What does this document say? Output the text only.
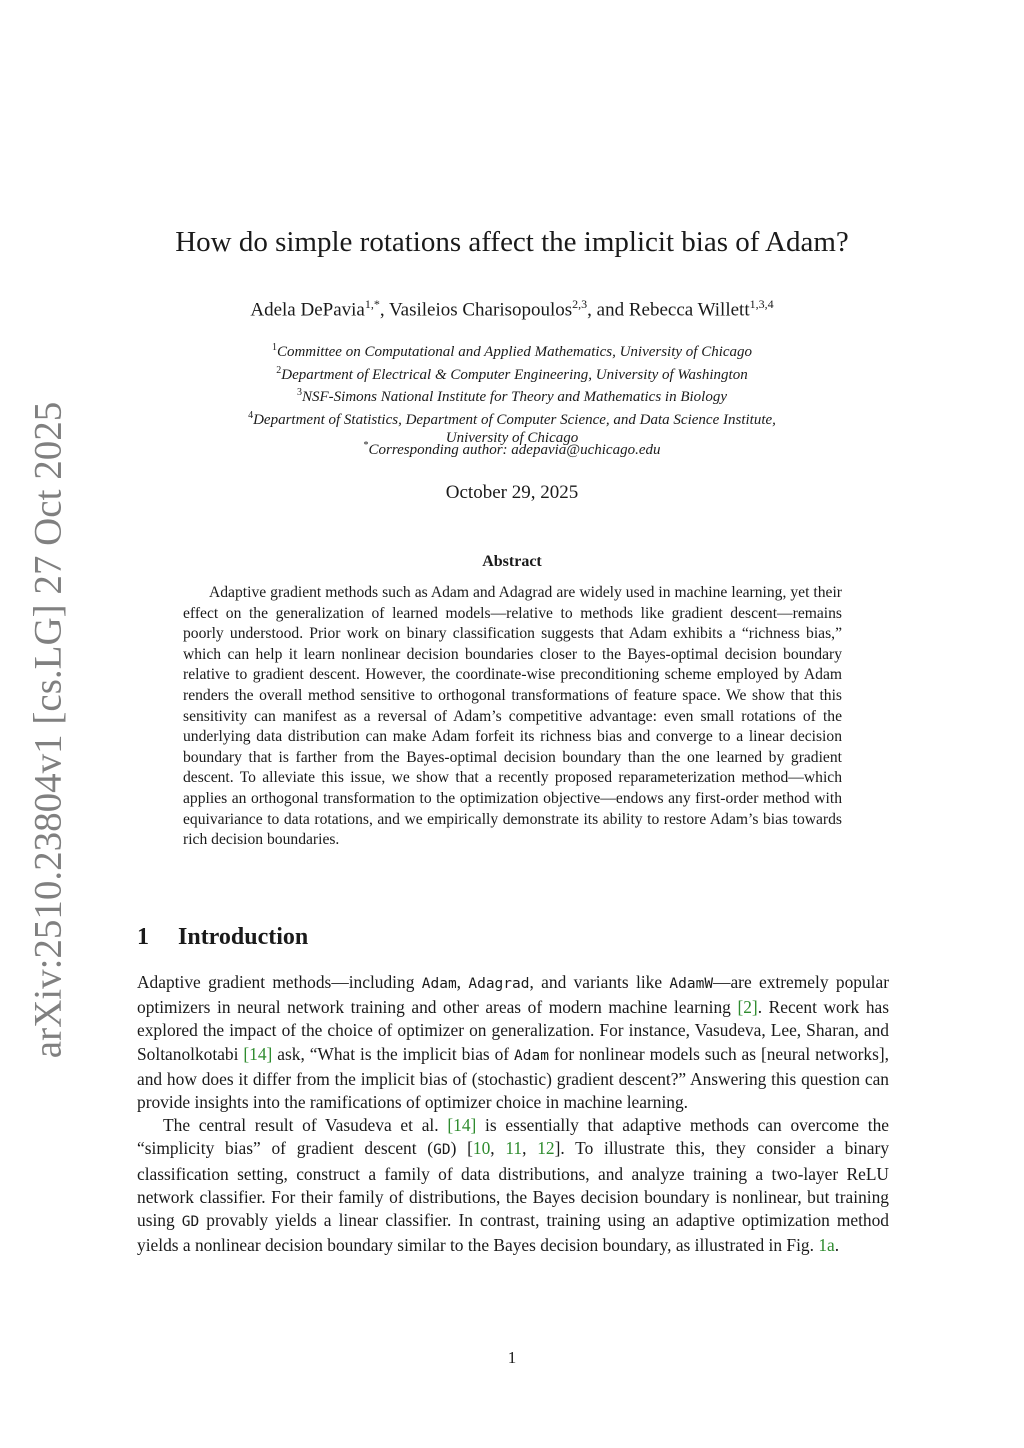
arXiv:2510.23804v1 [cs.LG] 27 Oct 2025
How do simple rotations affect the implicit bias of Adam?
Adela DePavia$^{1,*}$, Vasileios Charisopoulos$^{2,3}$, and Rebecca Willett$^{1,3,4}$
$^1$Committee on Computational and Applied Mathematics, University of Chicago
$^2$Department of Electrical & Computer Engineering, University of Washington
$^3$NSF-Simons National Institute for Theory and Mathematics in Biology
$^4$Department of Statistics, Department of Computer Science, and Data Science Institute,
University of Chicago
*Corresponding author: adepavia@uchicago.edu
October 29, 2025
Abstract
Adaptive gradient methods such as Adam and Adagrad are widely used in machine learning, yet their effect on the generalization of learned models—relative to methods like gradient descent—remains poorly understood. Prior work on binary classification suggests that Adam exhibits a “richness bias,” which can help it learn nonlinear decision boundaries closer to the Bayes-optimal decision boundary relative to gradient descent. However, the coordinate-wise preconditioning scheme employed by Adam renders the overall method sensitive to orthogonal transformations of feature space. We show that this sensitivity can manifest as a reversal of Adam’s competitive advantage: even small rotations of the underlying data distribution can make Adam forfeit its richness bias and converge to a linear decision boundary that is farther from the Bayes-optimal decision boundary than the one learned by gradient descent. To alleviate this issue, we show that a recently proposed reparameterization method—which applies an orthogonal transformation to the optimization objective—endows any first-order method with equivariance to data rotations, and we empirically demonstrate its ability to restore Adam’s bias towards rich decision boundaries.
1 Introduction

Adaptive gradient methods—including Adam, Adagrad, and variants like AdamW—are extremely popular optimizers in neural network training and other areas of modern machine learning [2]. Recent work has explored the impact of the choice of optimizer on generalization. For instance, Vasudeva, Lee, Sharan, and Soltanolkotabi [14] ask, “What is the implicit bias of Adam for nonlinear models such as [neural networks], and how does it differ from the implicit bias of (stochastic) gradient descent?” Answering this question can provide insights into the ramifications of optimizer choice in machine learning.

The central result of Vasudeva et al. [14] is essentially that adaptive methods can overcome the “simplicity bias” of gradient descent (GD) [10, 11, 12]. To illustrate this, they consider a binary classification setting, construct a family of data distributions, and analyze training a two-layer ReLU network classifier. For their family of distributions, the Bayes decision boundary is nonlinear, but training using GD provably yields a linear classifier. In contrast, training using an adaptive optimization method yields a nonlinear decision boundary similar to the Bayes decision boundary, as illustrated in Fig. 1a.

1
